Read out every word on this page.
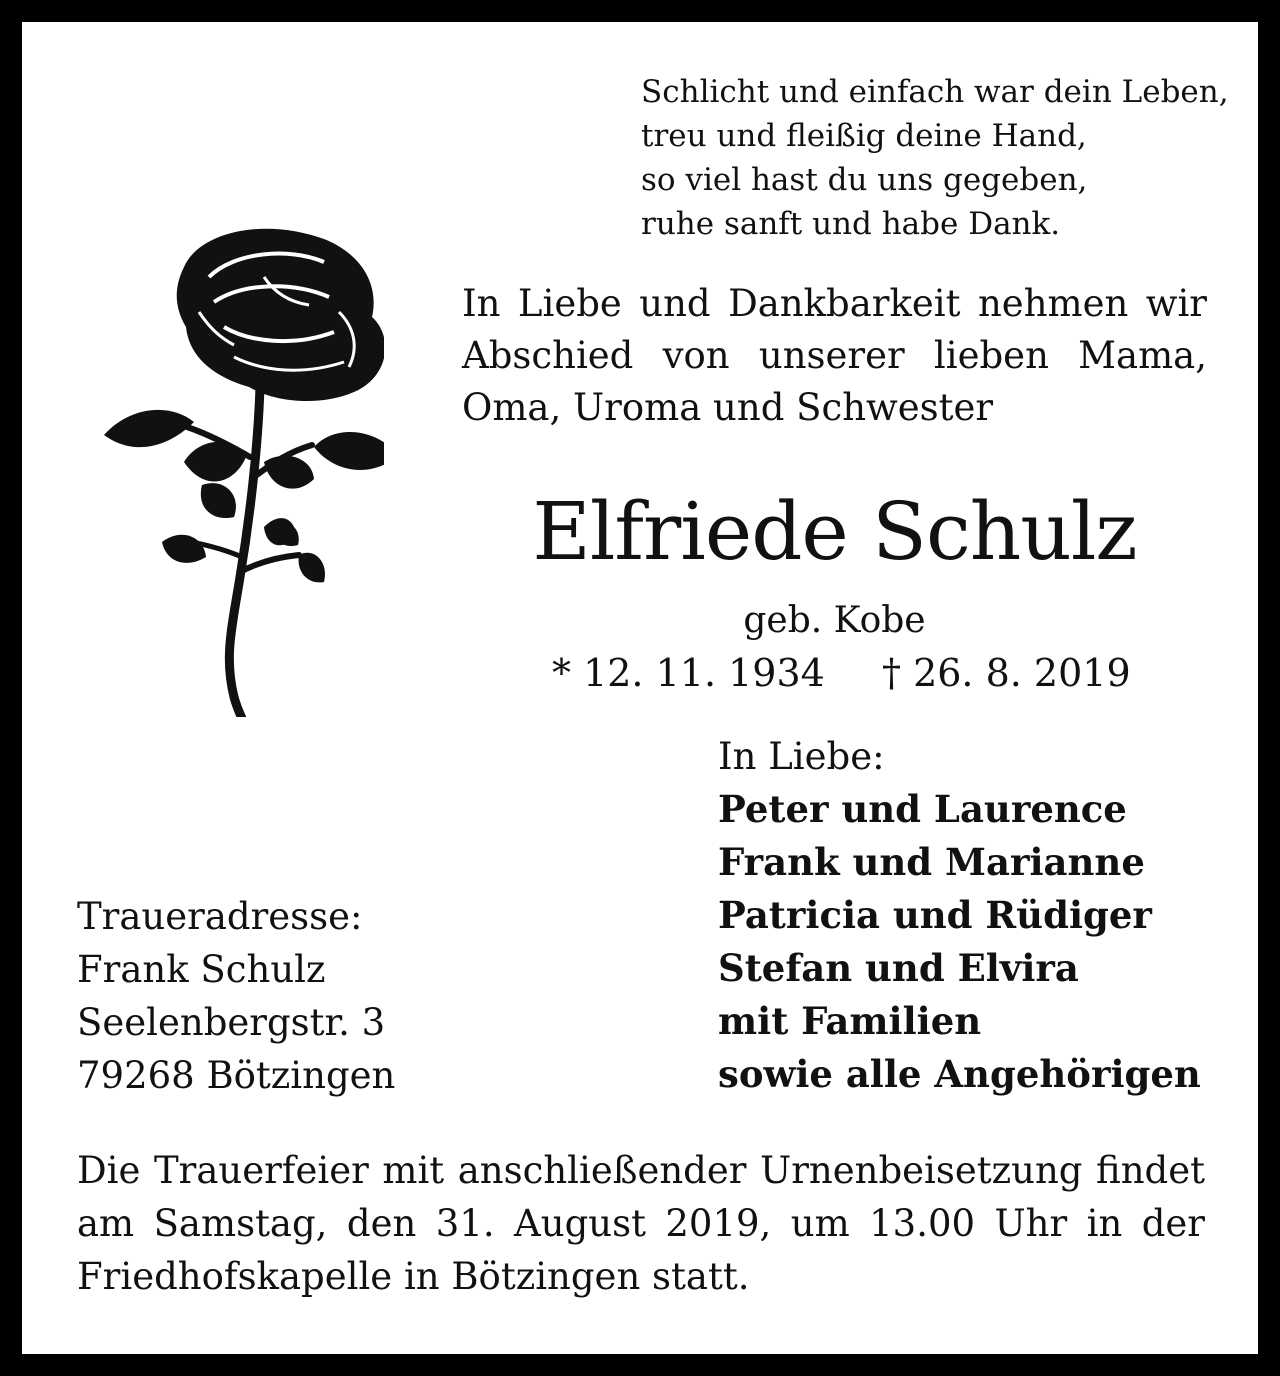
Schlicht und einfach war dein Leben,
treu und fleißig deine Hand,
so viel hast du uns gegeben,
ruhe sanft und habe Dank.
In Liebe und Dankbarkeit nehmen wir
Abschied von unserer lieben Mama,
Oma, Uroma und Schwester
Elfriede Schulz
geb. Kobe
* 12. 11. 1934 † 26. 8. 2019
In Liebe:
Peter und Laurence
Frank und Marianne
Patricia und Rüdiger
Stefan und Elvira
mit Familien
sowie alle Angehörigen
Traueradresse:
Frank Schulz
Seelenbergstr. 3
79268 Bötzingen
Die Trauerfeier mit anschließender Urnenbeisetzung findet
am Samstag, den 31. August 2019, um 13.00 Uhr in der
Friedhofskapelle in Bötzingen statt.
